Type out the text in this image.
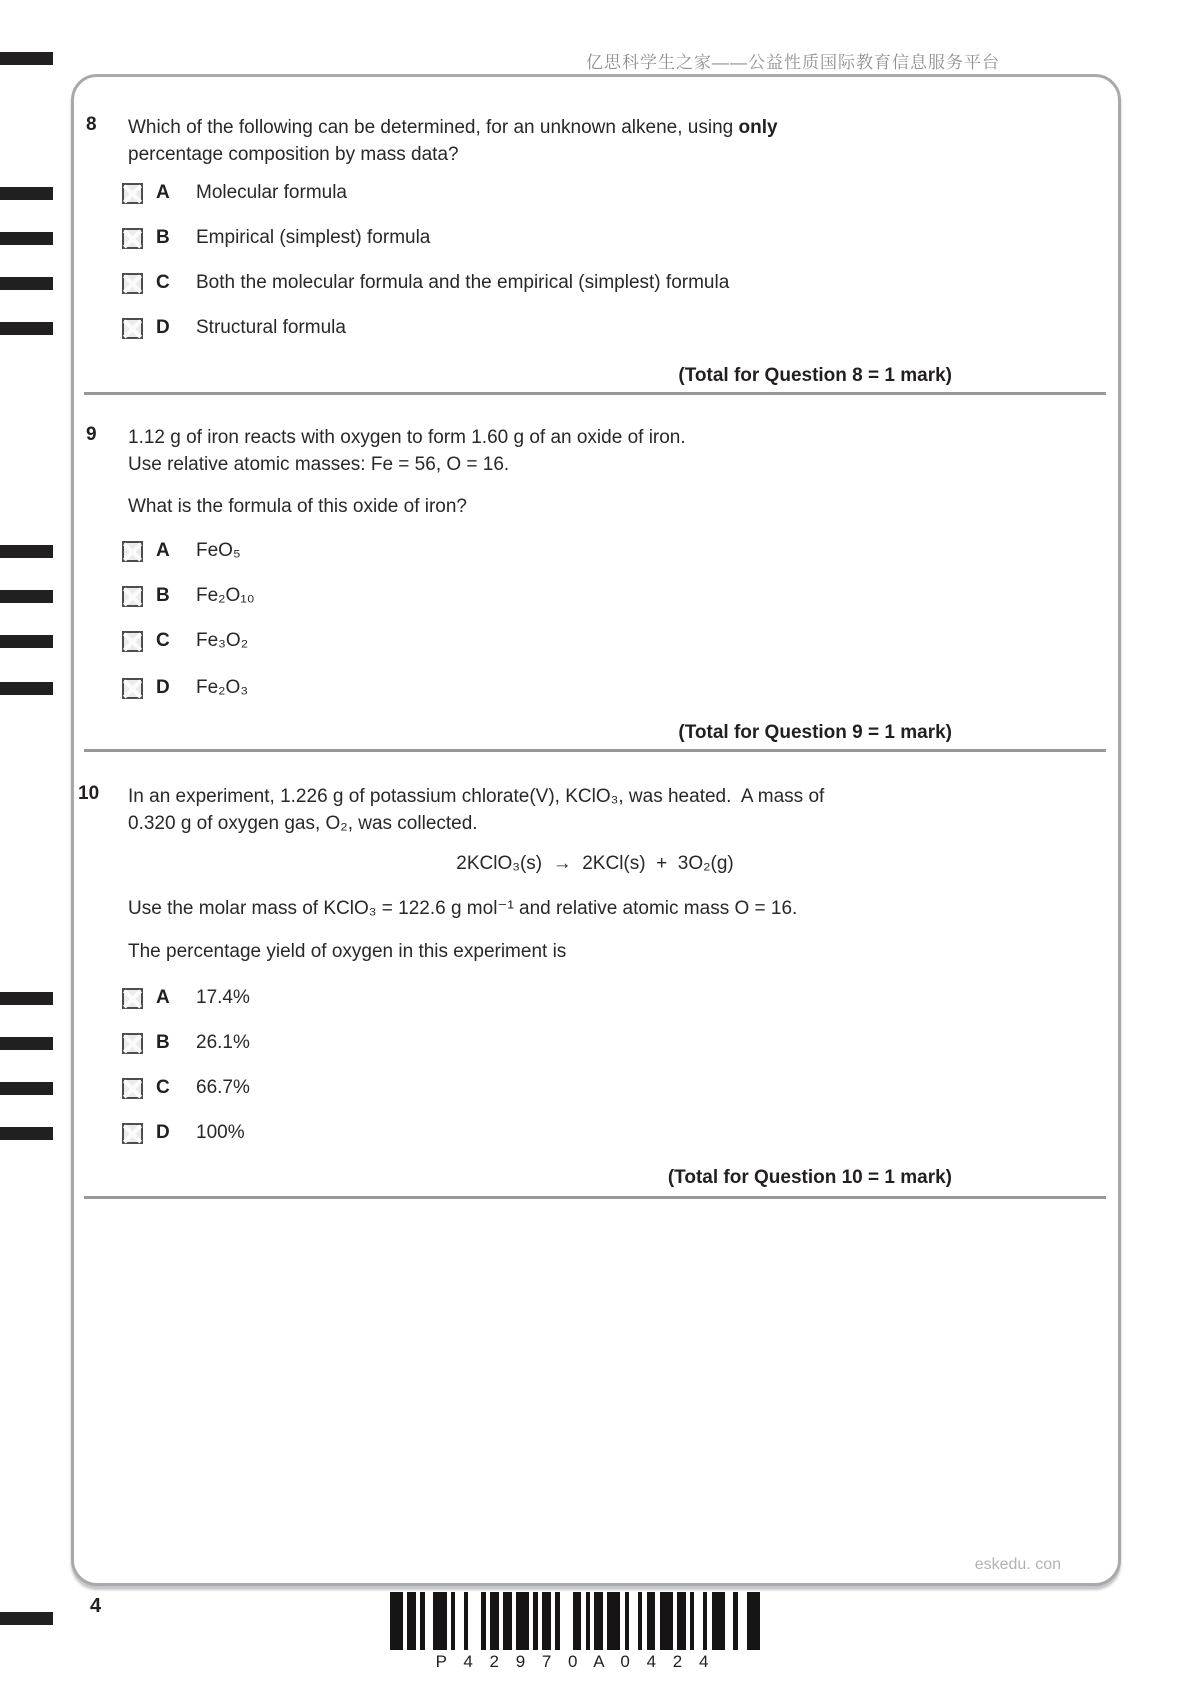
亿思科学生之家——公益性质国际教育信息服务平台
8 Which of the following can be determined, for an unknown alkene, using only
percentage composition by mass data?
A	Molecular formula
B	Empirical (simplest) formula
C	Both the molecular formula and the empirical (simplest) formula
D	Structural formula
(Total for Question 8 = 1 mark)
9 1.12 g of iron reacts with oxygen to form 1.60 g of an oxide of iron.
Use relative atomic masses: Fe = 56, O = 16.
What is the formula of this oxide of iron?
A	FeO₅
B	Fe₂O₁₀
C	Fe₃O₂
D	Fe₂O₃
(Total for Question 9 = 1 mark)
10 In an experiment, 1.226 g of potassium chlorate(V), KClO₃, was heated.  A mass of
0.320 g of oxygen gas, O₂, was collected.
2KClO₃(s)  →  2KCl(s)  +  3O₂(g)
Use the molar mass of KClO₃ = 122.6 g mol⁻¹ and relative atomic mass O = 16.
The percentage yield of oxygen in this experiment is
A	17.4%
B	26.1%
C	66.7%
D	100%
(Total for Question 10 = 1 mark)
eskedu. con
4
P 4 2 9 7 0 A 0 4 2 4
